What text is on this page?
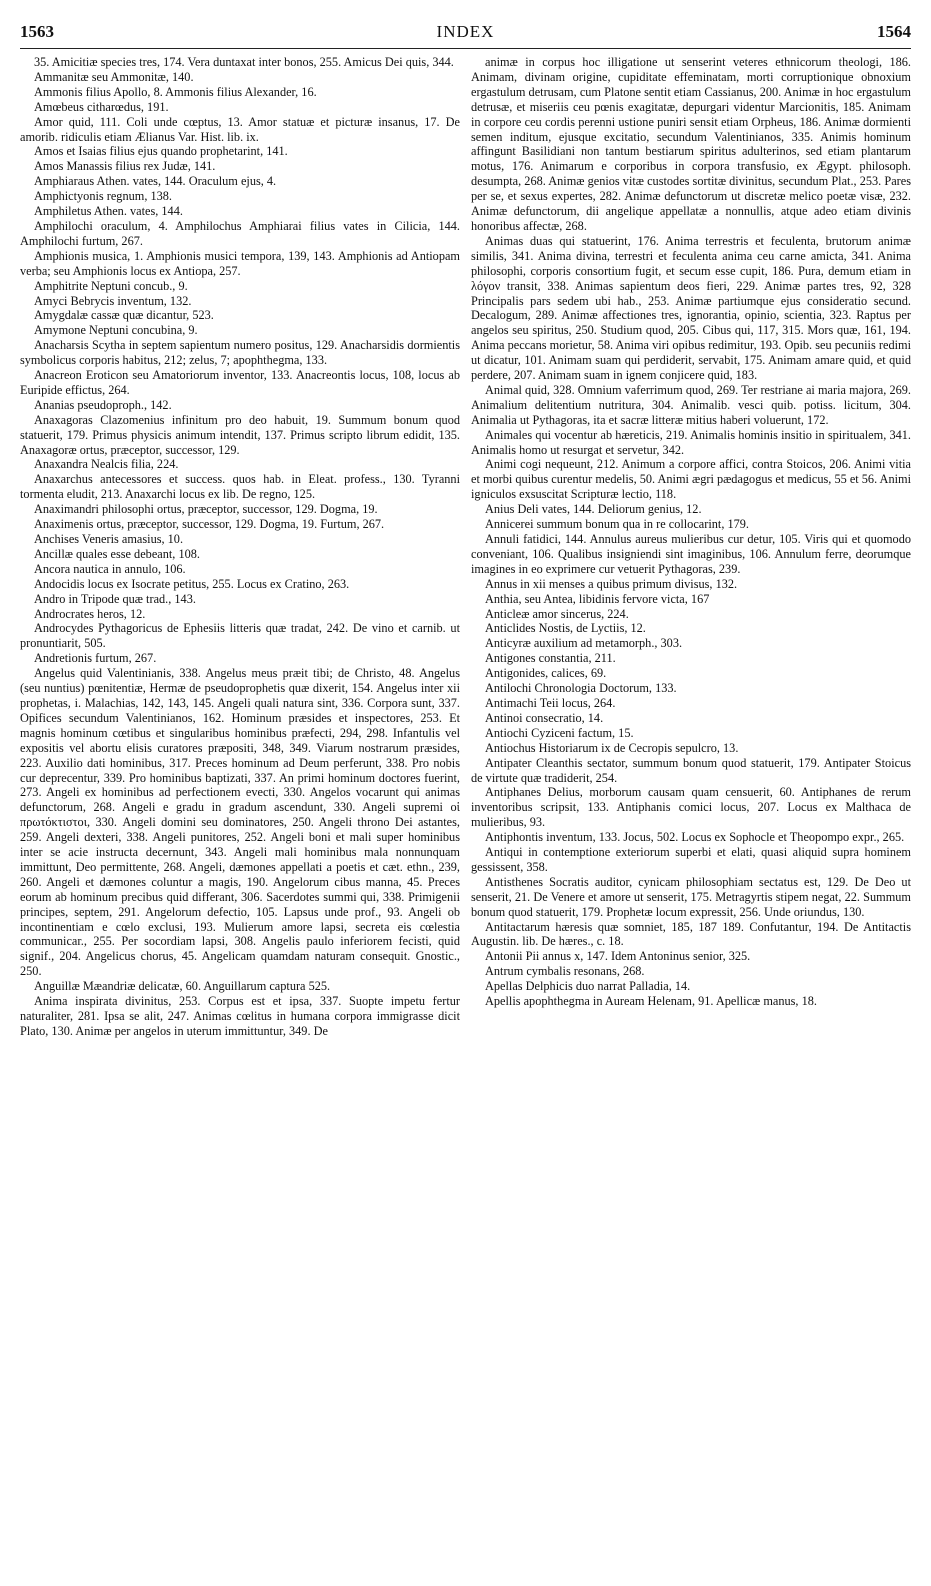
1563	INDEX	1564

35. Amicitiæ species tres, 174. Vera duntaxat inter bonos, 255. Amicus Dei quis, 344.

Ammanitæ seu Ammonitæ, 140.

Ammonis filius Apollo, 8. Ammonis filius Alexander, 16.

Amœbeus citharœdus, 191.

Amor quid, 111. Coli unde cœptus, 13. Amor statuæ et picturæ insanus, 17. De amorib. ridiculis etiam Ælianus Var. Hist. lib. ix.

Amos et Isaias filius ejus quando prophetarint, 141.

Amos Manassis filius rex Judæ, 141.

Amphiaraus Athen. vates, 144. Oraculum ejus, 4.

Amphictyonis regnum, 138.

Amphiletus Athen. vates, 144.

Amphilochi oraculum, 4. Amphilochus Amphiarai filius vates in Cilicia, 144. Amphilochi furtum, 267.

Amphionis musica, 1. Amphionis musici tempora, 139, 143. Amphionis ad Antiopam verba; seu Amphionis locus ex Antiopa, 257.

Amphitrite Neptuni concub., 9.

Amyci Bebrycis inventum, 132.

Amygdalæ cassæ quæ dicantur, 523.

Amymone Neptuni concubina, 9.

Anacharsis Scytha in septem sapientum numero positus, 129. Anacharsidis dormientis symbolicus corporis habitus, 212; zelus, 7; apophthegma, 133.

Anacreon Eroticon seu Amatoriorum inventor, 133. Anacreontis locus, 108, locus ab Euripide effictus, 264.

Ananias pseudoproph., 142.

Anaxagoras Clazomenius infinitum pro deo habuit, 19. Summum bonum quod statuerit, 179. Primus physicis animum intendit, 137. Primus scripto librum edidit, 135. Anaxagoræ ortus, præceptor, successor, 129.

Anaxandra Nealcis filia, 224.

Anaxarchus antecessores et success. quos hab. in Eleat. profess., 130. Tyranni tormenta eludit, 213. Anaxarchi locus ex lib. De regno, 125.

Anaximandri philosophi ortus, præceptor, successor, 129. Dogma, 19.

Anaximenis ortus, præceptor, successor, 129. Dogma, 19. Furtum, 267.

Anchises Veneris amasius, 10.

Ancillæ quales esse debeant, 108.

Ancora nautica in annulo, 106.

Andocidis locus ex Isocrate petitus, 255. Locus ex Cratino, 263.

Andro in Tripode quæ trad., 143.

Androcrates heros, 12.

Androcydes Pythagoricus de Ephesiis litteris quæ tradat, 242. De vino et carnib. ut pronuntiarit, 505.

Andretionis furtum, 267.

Angelus quid Valentinianis, 338. Angelus meus præit tibi; de Christo, 48. Angelus (seu nuntius) pœnitentiæ, Hermæ de pseudoprophetis quæ dixerit, 154. Angelus inter xii prophetas, i. Malachias, 142, 143, 145. Angeli quali natura sint, 336. Corpora sunt, 337. Opifices secundum Valentinianos, 162. Hominum præsides et inspectores, 253. Et magnis hominum cœtibus et singularibus hominibus præfecti, 294, 298. Infantulis vel expositis vel abortu elisis curatores præpositi, 348, 349. Viarum nostrarum præsides, 223. Auxilio dati hominibus, 317. Preces hominum ad Deum perferunt, 338. Pro nobis cur deprecentur, 339. Pro hominibus baptizati, 337. An primi hominum doctores fuerint, 273. Angeli ex hominibus ad perfectionem evecti, 330. Angelos vocarunt qui animas defunctorum, 268. Angeli e gradu in gradum ascendunt, 330. Angeli supremi οἱ πρωτόκτιστοι, 330. Angeli domini seu dominatores, 250. Angeli throno Dei astantes, 259. Angeli dexteri, 338. Angeli punitores, 252. Angeli boni et mali super hominibus inter se acie instructa decernunt, 343. Angeli mali hominibus mala nonnunquam immittunt, Deo permittente, 268. Angeli, dæmones appellati a poetis et cæt. ethn., 239, 260. Angeli et dæmones coluntur a magis, 190. Angelorum cibus manna, 45. Preces eorum ab hominum precibus quid differant, 306. Sacerdotes summi qui, 338. Primigenii principes, septem, 291. Angelorum defectio, 105. Lapsus unde prof., 93. Angeli ob incontinentiam e cœlo exclusi, 193. Mulierum amore lapsi, secreta eis cœlestia communicar., 255. Per socordiam lapsi, 308. Angelis paulo inferiorem fecisti, quid signif., 204. Angelicus chorus, 45. Angelicam quamdam naturam consequit. Gnostic., 250.

Anguillæ Mæandriæ delicatæ, 60. Anguillarum captura 525.

Anima inspirata divinitus, 253. Corpus est et ipsa, 337. Suopte impetu fertur naturaliter, 281. Ipsa se alit, 247. Animas cœlitus in humana corpora immigrasse dicit Plato, 130. Animæ per angelos in uterum immittuntur, 349. De

animæ in corpus hoc illigatione ut senserint veteres ethnicorum theologi, 186. Animam, divinam origine, cupiditate effeminatam, morti corruptionique obnoxium ergastulum detrusam, cum Platone sentit etiam Cassianus, 200. Animæ in hoc ergastulum detrusæ, et miseriis ceu pœnis exagitatæ, depurgari videntur Marcionitis, 185. Animam in corpore ceu cordis perenni ustione puniri sensit etiam Orpheus, 186. Animæ dormienti semen inditum, ejusque excitatio, secundum Valentinianos, 335. Animis hominum affingunt Basilidiani non tantum bestiarum spiritus adulterinos, sed etiam plantarum motus, 176. Animarum e corporibus in corpora transfusio, ex Ægypt. philosoph. desumpta, 268. Animæ genios vitæ custodes sortitæ divinitus, secundum Plat., 253. Pares per se, et sexus expertes, 282. Animæ defunctorum ut discretæ melico poetæ visæ, 232. Animæ defunctorum, dii angelique appellatæ a nonnullis, atque adeo etiam divinis honoribus affectæ, 268.

Animas duas qui statuerint, 176. Anima terrestris et feculenta, brutorum animæ similis, 341. Anima divina, terrestri et feculenta anima ceu carne amicta, 341. Anima philosophi, corporis consortium fugit, et secum esse cupit, 186. Pura, demum etiam in λόγον transit, 338. Animas sapientum deos fieri, 229. Animæ partes tres, 92, 328 Principalis pars sedem ubi hab., 253. Animæ partiumque ejus consideratio secund. Decalogum, 289. Animæ affectiones tres, ignorantia, opinio, scientia, 323. Raptus per angelos seu spiritus, 250. Studium quod, 205. Cibus qui, 117, 315. Mors quæ, 161, 194. Anima peccans morietur, 58. Anima viri opibus redimitur, 193. Opib. seu pecuniis redimi ut dicatur, 101. Animam suam qui perdiderit, servabit, 175. Animam amare quid, et quid perdere, 207. Animam suam in ignem conjicere quid, 183.

Animal quid, 328. Omnium vaferrimum quod, 269. Ter restriane ai maria majora, 269. Animalium delitentium nutritura, 304. Animalib. vesci quib. potiss. licitum, 304. Animalia ut Pythagoras, ita et sacræ litteræ mitius haberi voluerunt, 172.

Animales qui vocentur ab hæreticis, 219. Animalis hominis insitio in spiritualem, 341. Animalis homo ut resurgat et servetur, 342.

Animi cogi nequeunt, 212. Animum a corpore affici, contra Stoicos, 206. Animi vitia et morbi quibus curentur medelis, 50. Animi ægri pædagogus et medicus, 55 et 56. Animi igniculos exsuscitat Scripturæ lectio, 118.

Anius Deli vates, 144. Deliorum genius, 12.

Annicerei summum bonum qua in re collocarint, 179.

Annuli fatidici, 144. Annulus aureus mulieribus cur detur, 105. Viris qui et quomodo conveniant, 106. Qualibus insigniendi sint imaginibus, 106. Annulum ferre, deorumque imagines in eo exprimere cur vetuerit Pythagoras, 239.

Annus in xii menses a quibus primum divisus, 132.

Anthia, seu Antea, libidinis fervore victa, 167

Anticleæ amor sincerus, 224.

Anticlides Nostis, de Lyctiis, 12.

Anticyræ auxilium ad metamorph., 303.

Antigones constantia, 211.

Antigonides, calices, 69.

Antilochi Chronologia Doctorum, 133.

Antimachi Teii locus, 264.

Antinoi consecratio, 14.

Antiochi Cyziceni factum, 15.

Antiochus Historiarum ix de Cecropis sepulcro, 13.

Antipater Cleanthis sectator, summum bonum quod statuerit, 179. Antipater Stoicus de virtute quæ tradiderit, 254.

Antiphanes Delius, morborum causam quam censuerit, 60. Antiphanes de rerum inventoribus scripsit, 133. Antiphanis comici locus, 207. Locus ex Malthaca de mulieribus, 93.

Antiphontis inventum, 133. Jocus, 502. Locus ex Sophocle et Theopompo expr., 265.

Antiqui in contemptione exteriorum superbi et elati, quasi aliquid supra hominem gessissent, 358.

Antisthenes Socratis auditor, cynicam philosophiam sectatus est, 129. De Deo ut senserit, 21. De Venere et amore ut senserit, 175. Metragyrtis stipem negat, 22. Summum bonum quod statuerit, 179. Prophetæ locum expressit, 256. Unde oriundus, 130.

Antitactarum hæresis quæ somniet, 185, 187 189. Confutantur, 194. De Antitactis Augustin. lib. De hæres., c. 18.

Antonii Pii annus x, 147. Idem Antoninus senior, 325.

Antrum cymbalis resonans, 268.

Apellas Delphicis duo narrat Palladia, 14.

Apellis apophthegma in Auream Helenam, 91. Apellicæ manus, 18.
